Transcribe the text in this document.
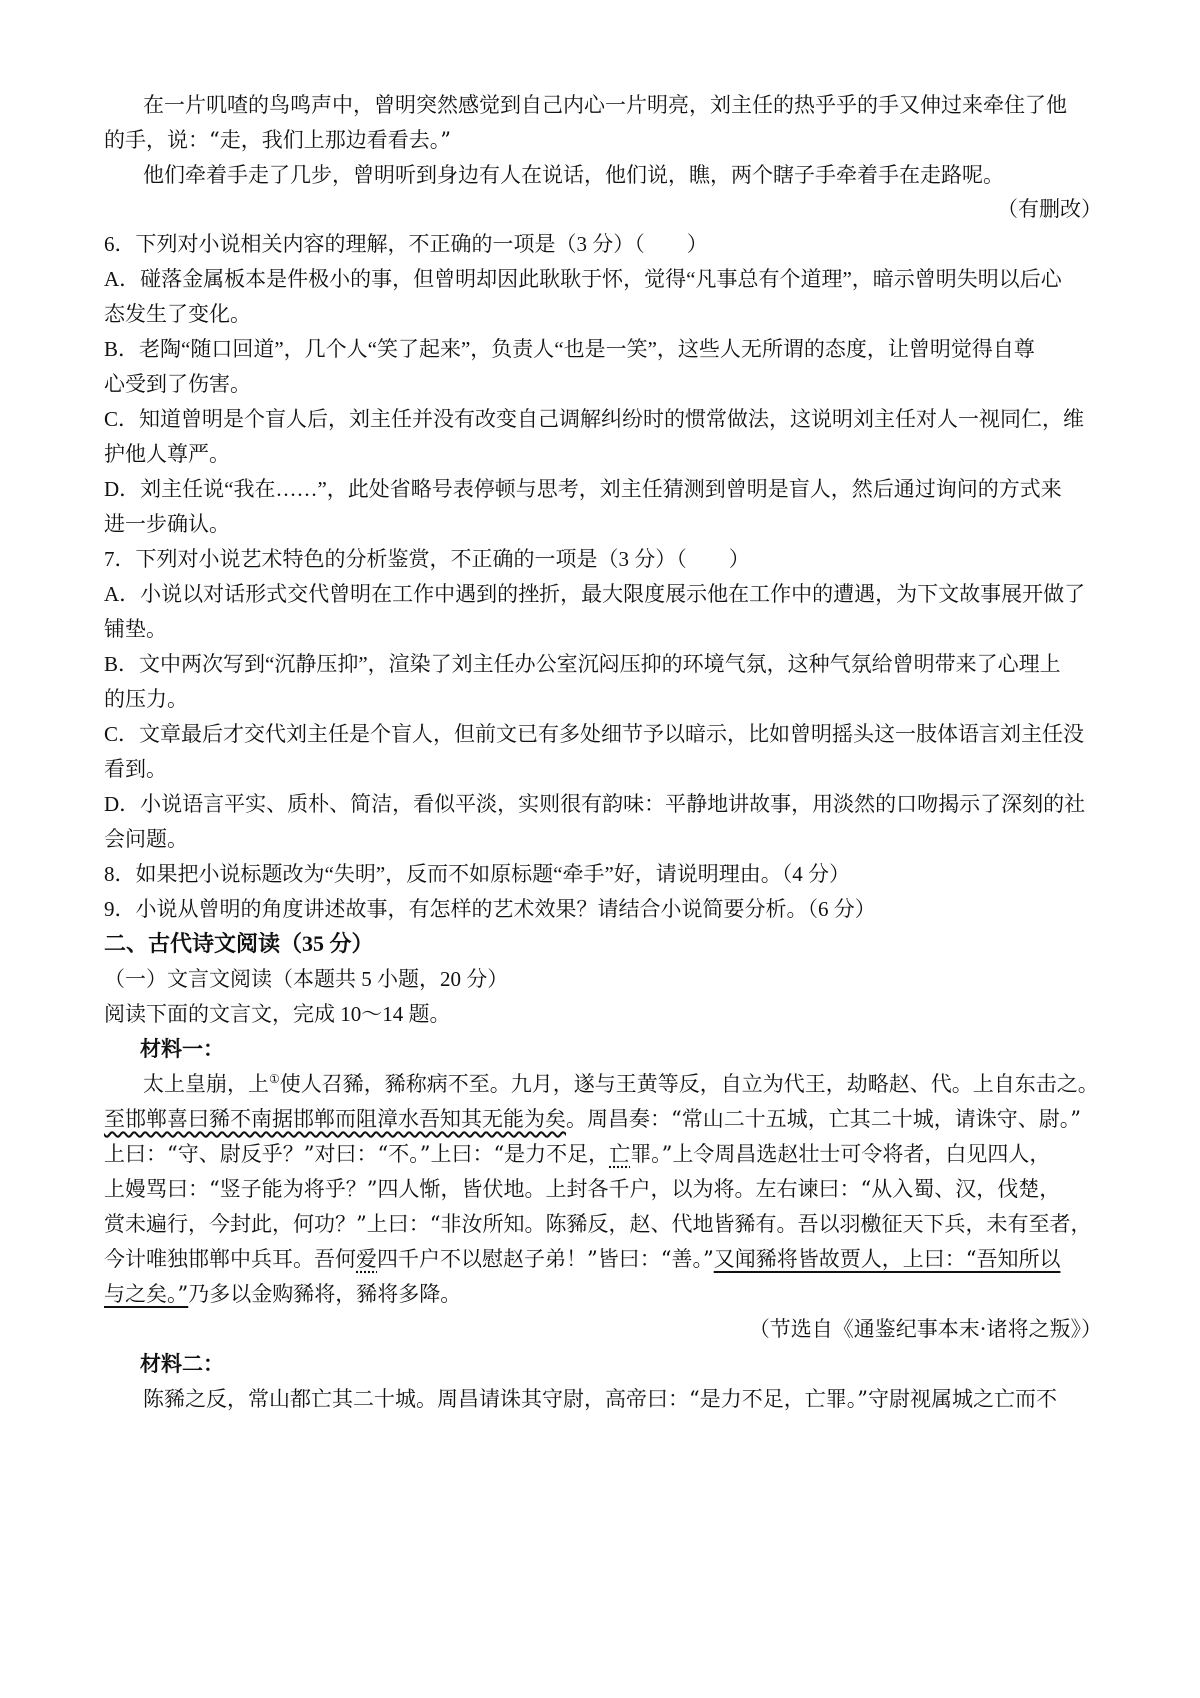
在一片叽喳的鸟鸣声中，曾明突然感觉到自己内心一片明亮，刘主任的热乎乎的手又伸过来牵住了他
的手，说：“走，我们上那边看看去。”
他们牵着手走了几步，曾明听到身边有人在说话，他们说，瞧，两个瞎子手牵着手在走路呢。
（有删改）
6．下列对小说相关内容的理解，不正确的一项是（3 分）（　　）
A．碰落金属板本是件极小的事，但曾明却因此耿耿于怀，觉得“凡事总有个道理”，暗示曾明失明以后心
态发生了变化。
B．老陶“随口回道”，几个人“笑了起来”，负责人“也是一笑”，这些人无所谓的态度，让曾明觉得自尊
心受到了伤害。
C．知道曾明是个盲人后，刘主任并没有改变自己调解纠纷时的惯常做法，这说明刘主任对人一视同仁，维
护他人尊严。
D．刘主任说“我在……”，此处省略号表停顿与思考，刘主任猜测到曾明是盲人，然后通过询问的方式来
进一步确认。
7．下列对小说艺术特色的分析鉴赏，不正确的一项是（3 分）（　　）
A．小说以对话形式交代曾明在工作中遇到的挫折，最大限度展示他在工作中的遭遇，为下文故事展开做了
铺垫。
B．文中两次写到“沉静压抑”，渲染了刘主任办公室沉闷压抑的环境气氛，这种气氛给曾明带来了心理上
的压力。
C．文章最后才交代刘主任是个盲人，但前文已有多处细节予以暗示，比如曾明摇头这一肢体语言刘主任没
看到。
D．小说语言平实、质朴、简洁，看似平淡，实则很有韵味：平静地讲故事，用淡然的口吻揭示了深刻的社
会问题。
8．如果把小说标题改为“失明”，反而不如原标题“牵手”好，请说明理由。（4 分）
9．小说从曾明的角度讲述故事，有怎样的艺术效果？请结合小说简要分析。（6 分）
二、古代诗文阅读（35 分）
（一）文言文阅读（本题共 5 小题，20 分）
阅读下面的文言文，完成 10～14 题。
材料一：
太上皇崩，上①使人召豨，豨称病不至。九月，遂与王黄等反，自立为代王，劫略赵、代。上自东击之。
至邯郸喜曰豨不南据邯郸而阻漳水吾知其无能为矣。周昌奏：“常山二十五城，亡其二十城，请诛守、尉。”
上曰：“守、尉反乎？”对曰：“不。”上曰：“是力不足，亡罪。”上令周昌选赵壮士可令将者，白见四人，
上嫚骂曰：“竖子能为将乎？”四人惭，皆伏地。上封各千户，以为将。左右谏曰：“从入蜀、汉，伐楚，
赏未遍行，今封此，何功？”上曰：“非汝所知。陈豨反，赵、代地皆豨有。吾以羽檄征天下兵，未有至者，
今计唯独邯郸中兵耳。吾何爱四千户不以慰赵子弟！”皆曰：“善。”又闻豨将皆故贾人，上曰：“吾知所以
与之矣。”乃多以金购豨将，豨将多降。
（节选自《通鉴纪事本末·诸将之叛》）
材料二：
陈豨之反，常山都亡其二十城。周昌请诛其守尉，高帝曰：“是力不足，亡罪。”守尉视属城之亡而不
